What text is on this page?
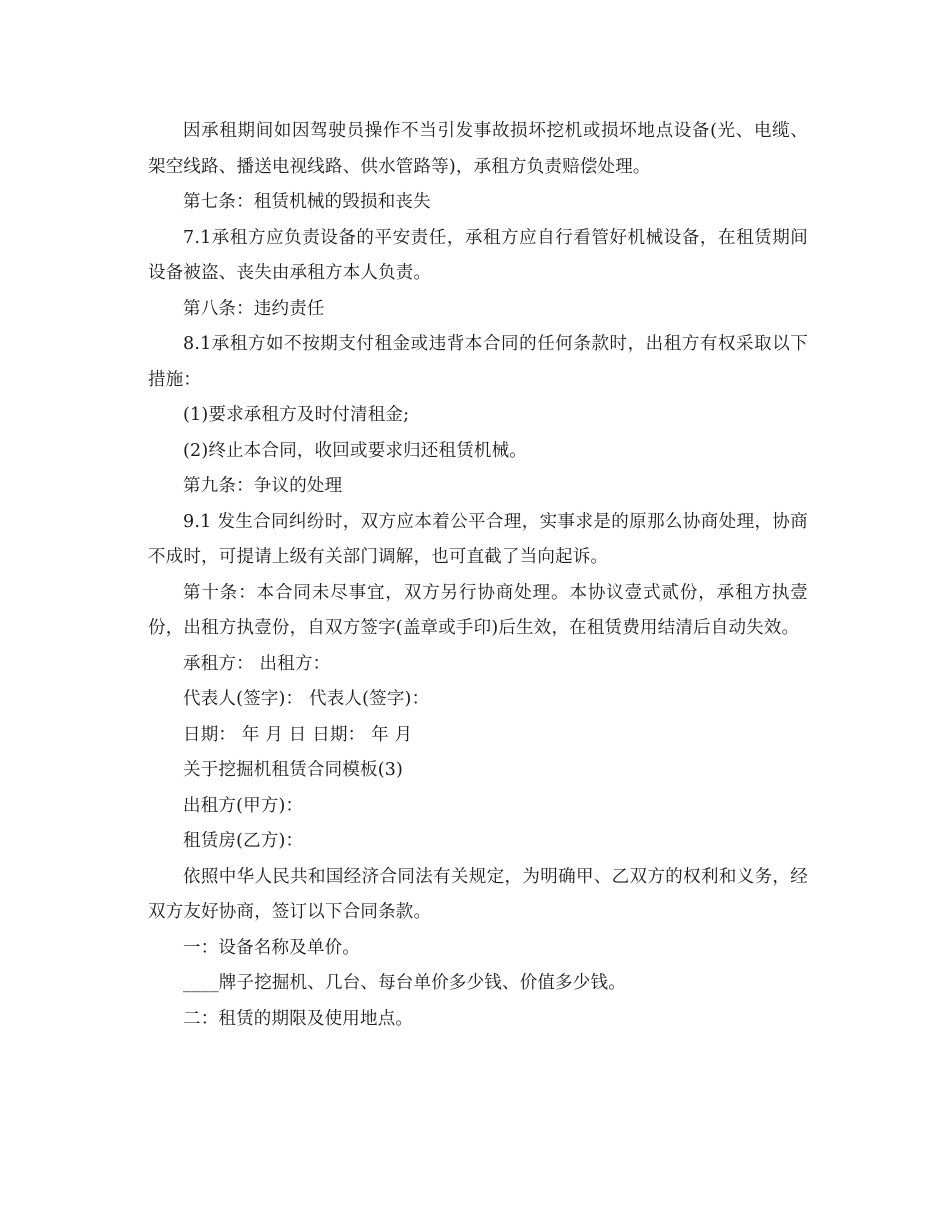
因承租期间如因驾驶员操作不当引发事故损坏挖机或损坏地点设备(光、电缆、架空线路、播送电视线路、供水管路等)，承租方负责赔偿处理。

第七条：租赁机械的毁损和丧失

7.1承租方应负责设备的平安责任，承租方应自行看管好机械设备，在租赁期间设备被盗、丧失由承租方本人负责。

第八条：违约责任

8.1承租方如不按期支付租金或违背本合同的任何条款时，出租方有权采取以下措施：

(1)要求承租方及时付清租金;

(2)终止本合同，收回或要求归还租赁机械。

第九条：争议的处理

9.1 发生合同纠纷时，双方应本着公平合理，实事求是的原那么协商处理，协商不成时，可提请上级有关部门调解，也可直截了当向起诉。

第十条：本合同未尽事宜，双方另行协商处理。本协议壹式贰份，承租方执壹份，出租方执壹份，自双方签字(盖章或手印)后生效，在租赁费用结清后自动失效。

承租方： 出租方：

代表人(签字)： 代表人(签字)：

日期： 年 月 日 日期： 年 月

关于挖掘机租赁合同模板(3)

出租方(甲方)：

租赁房(乙方)：

依照中华人民共和国经济合同法有关规定，为明确甲、乙双方的权利和义务，经双方友好协商，签订以下合同条款。

一：设备名称及单价。

____牌子挖掘机、几台、每台单价多少钱、价值多少钱。

二：租赁的期限及使用地点。
